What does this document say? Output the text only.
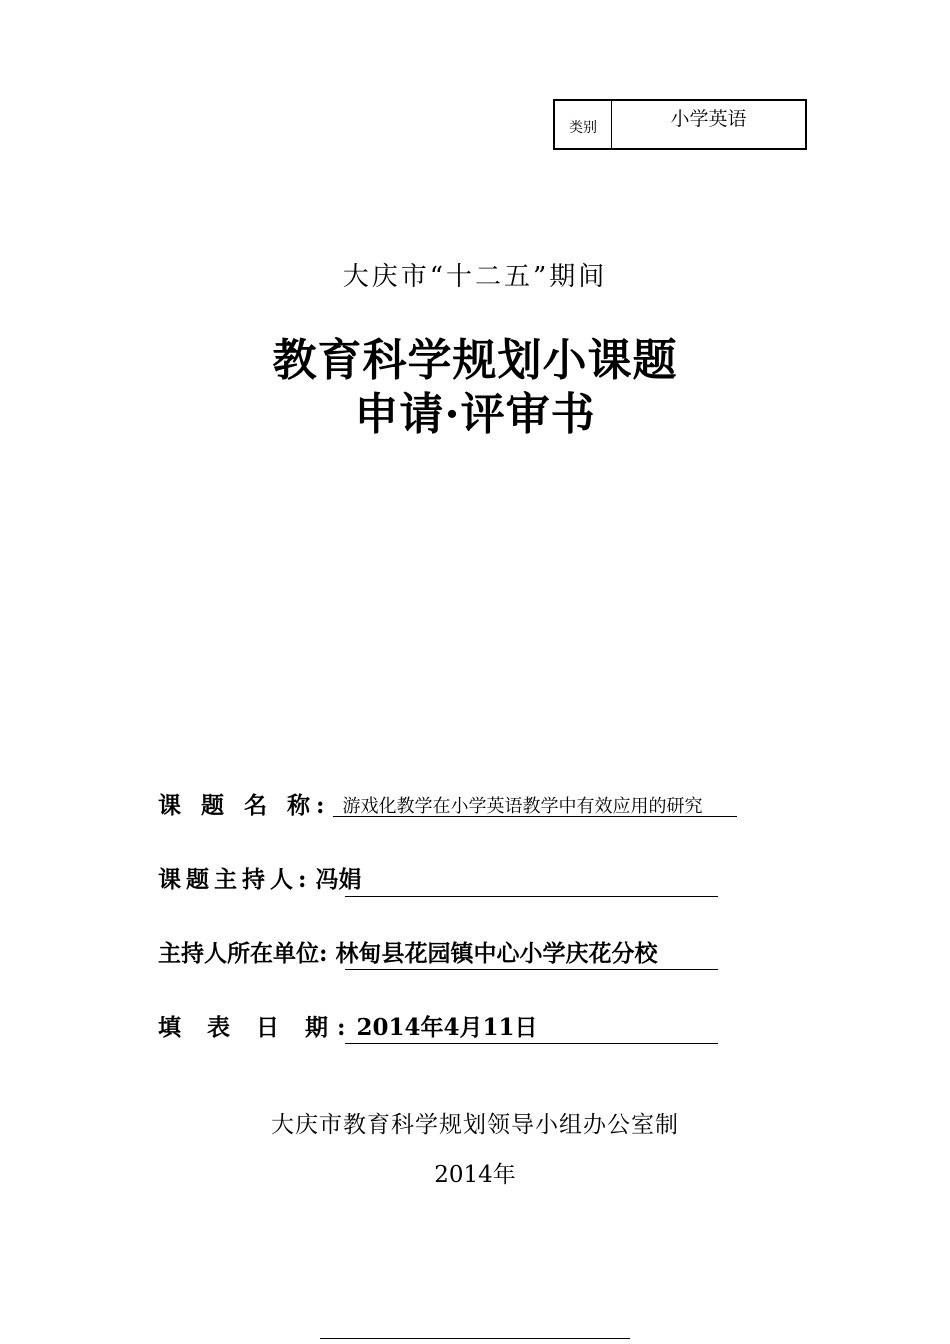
类别	小学英语
大庆市“十二五”期间
教育科学规划小课题
申请·评审书
课 题 名 称: 游戏化教学在小学英语教学中有效应用的研究
课题主持人: 冯娟
主持人所在单位: 林甸县花园镇中心小学庆花分校
填 表 日 期: 2014年4月11日
大庆市教育科学规划领导小组办公室制
2014年
